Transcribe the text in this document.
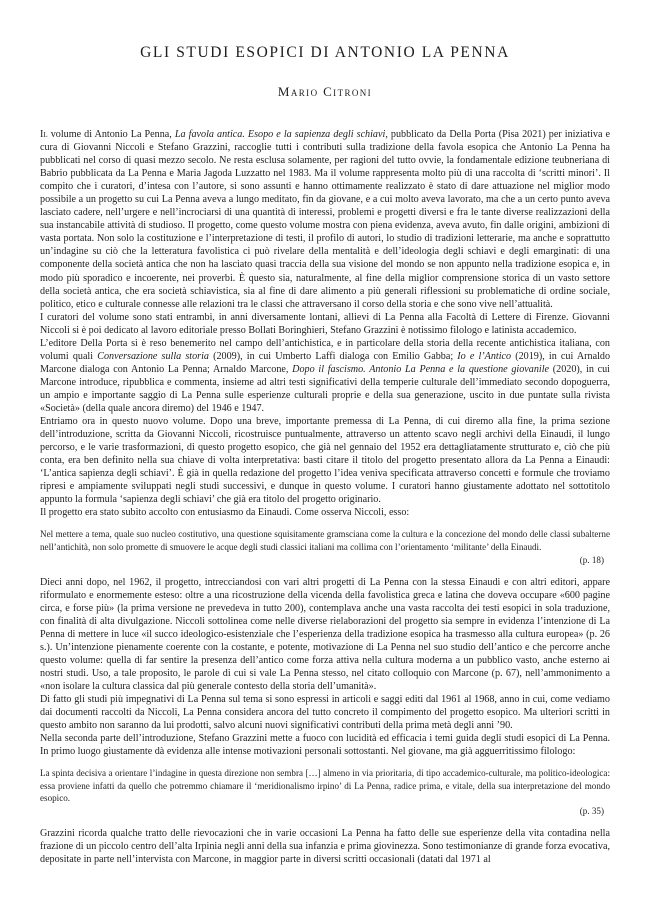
GLI STUDI ESOPICI DI ANTONIO LA PENNA
Mario Citroni

Il volume di Antonio La Penna, La favola antica. Esopo e la sapienza degli schiavi, pubblicato da Della Porta (Pisa 2021) per iniziativa e cura di Giovanni Niccoli e Stefano Grazzini, raccoglie tutti i contributi sulla tradizione della favola esopica che Antonio La Penna ha pubblicati nel corso di quasi mezzo secolo. Ne resta esclusa solamente, per ragioni del tutto ovvie, la fondamentale edizione teubneriana di Babrio pubblicata da La Penna e Maria Jagoda Luzzatto nel 1983. Ma il volume rappresenta molto più di una raccolta di ‘scritti minori’. Il compito che i curatori, d’intesa con l’autore, si sono assunti e hanno ottimamente realizzato è stato di dare attuazione nel miglior modo possibile a un progetto su cui La Penna aveva a lungo meditato, fin da giovane, e a cui molto aveva lavorato, ma che a un certo punto aveva lasciato cadere, nell’urgere e nell’incrociarsi di una quantità di interessi, problemi e progetti diversi e fra le tante diverse realizzazioni della sua instancabile attività di studioso. Il progetto, come questo volume mostra con piena evidenza, aveva avuto, fin dalle origini, ambizioni di vasta portata. Non solo la costituzione e l’interpretazione di testi, il profilo di autori, lo studio di tradizioni letterarie, ma anche e soprattutto un’indagine su ciò che la letteratura favolistica ci può rivelare della mentalità e dell’ideologia degli schiavi e degli emarginati: di una componente della società antica che non ha lasciato quasi traccia della sua visione del mondo se non appunto nella tradizione esopica e, in modo più sporadico e incoerente, nei proverbi. È questo sia, naturalmente, al fine della miglior comprensione storica di un vasto settore della società antica, che era società schiavistica, sia al fine di dare alimento a più generali riflessioni su problematiche di ordine sociale, politico, etico e culturale connesse alle relazioni tra le classi che attraversano il corso della storia e che sono vive nell’attualità.

I curatori del volume sono stati entrambi, in anni diversamente lontani, allievi di La Penna alla Facoltà di Lettere di Firenze. Giovanni Niccoli si è poi dedicato al lavoro editoriale presso Bollati Boringhieri, Stefano Grazzini è notissimo filologo e latinista accademico.

L’editore Della Porta si è reso benemerito nel campo dell’antichistica, e in particolare della storia della recente antichistica italiana, con volumi quali Conversazione sulla storia (2009), in cui Umberto Laffi dialoga con Emilio Gabba; Io e l’Antico (2019), in cui Arnaldo Marcone dialoga con Antonio La Penna; Arnaldo Marcone, Dopo il fascismo. Antonio La Penna e la questione giovanile (2020), in cui Marcone introduce, ripubblica e commenta, insieme ad altri testi significativi della temperie culturale dell’immediato secondo dopoguerra, un ampio e importante saggio di La Penna sulle esperienze culturali proprie e della sua generazione, uscito in due puntate sulla rivista «Società» (della quale ancora diremo) del 1946 e 1947.

Entriamo ora in questo nuovo volume. Dopo una breve, importante premessa di La Penna, di cui diremo alla fine, la prima sezione dell’introduzione, scritta da Giovanni Niccoli, ricostruisce puntualmente, attraverso un attento scavo negli archivi della Einaudi, il lungo percorso, e le varie trasformazioni, di questo progetto esopico, che già nel gennaio del 1952 era dettagliatamente strutturato e, ciò che più conta, era ben definito nella sua chiave di volta interpretativa: basti citare il titolo del progetto presentato allora da La Penna a Einaudi: ‘L’antica sapienza degli schiavi’. È già in quella redazione del progetto l’idea veniva specificata attraverso concetti e formule che troviamo ripresi e ampiamente sviluppati negli studi successivi, e dunque in questo volume. I curatori hanno giustamente adottato nel sottotitolo appunto la formula ‘sapienza degli schiavi’ che già era titolo del progetto originario.

Il progetto era stato subito accolto con entusiasmo da Einaudi. Come osserva Niccoli, esso:

Nel mettere a tema, quale suo nucleo costitutivo, una questione squisitamente gramsciana come la cultura e la concezione del mondo delle classi subalterne nell’antichità, non solo promette di smuovere le acque degli studi classici italiani ma collima con l’orientamento ‘militante’ della Einaudi.

(p. 18)

Dieci anni dopo, nel 1962, il progetto, intrecciandosi con vari altri progetti di La Penna con la stessa Einaudi e con altri editori, appare riformulato e enormemente esteso: oltre a una ricostruzione della vicenda della favolistica greca e latina che doveva occupare «600 pagine circa, e forse più» (la prima versione ne prevedeva in tutto 200), contemplava anche una vasta raccolta dei testi esopici in sola traduzione, con finalità di alta divulgazione. Niccoli sottolinea come nelle diverse rielaborazioni del progetto sia sempre in evidenza l’intenzione di La Penna di mettere in luce «il succo ideologico-esistenziale che l’esperienza della tradizione esopica ha trasmesso alla cultura europea» (p. 26 s.). Un’intenzione pienamente coerente con la costante, e potente, motivazione di La Penna nel suo studio dell’antico e che percorre anche questo volume: quella di far sentire la presenza dell’antico come forza attiva nella cultura moderna a un pubblico vasto, anche esterno ai nostri studi. Uso, a tale proposito, le parole di cui si vale La Penna stesso, nel citato colloquio con Marcone (p. 67), nell’ammonimento a «non isolare la cultura classica dal più generale contesto della storia dell’umanità».

Di fatto gli studi più impegnativi di La Penna sul tema si sono espressi in articoli e saggi editi dal 1961 al 1968, anno in cui, come vediamo dai documenti raccolti da Niccoli, La Penna considera ancora del tutto concreto il compimento del progetto esopico. Ma ulteriori scritti in questo ambito non saranno da lui prodotti, salvo alcuni nuovi significativi contributi della prima metà degli anni ’90.

Nella seconda parte dell’introduzione, Stefano Grazzini mette a fuoco con lucidità ed efficacia i temi guida degli studi esopici di La Penna. In primo luogo giustamente dà evidenza alle intense motivazioni personali sottostanti. Nel giovane, ma già agguerritissimo filologo:

La spinta decisiva a orientare l’indagine in questa direzione non sembra […] almeno in via prioritaria, di tipo accademico-culturale, ma politico-ideologica: essa proviene infatti da quello che potremmo chiamare il ‘meridionalismo irpino’ di La Penna, radice prima, e vitale, della sua interpretazione del mondo esopico.

(p. 35)

Grazzini ricorda qualche tratto delle rievocazioni che in varie occasioni La Penna ha fatto delle sue esperienze della vita contadina nella frazione di un piccolo centro dell’alta Irpinia negli anni della sua infanzia e prima giovinezza. Sono testimonianze di grande forza evocativa, depositate in parte nell’intervista con Marcone, in maggior parte in diversi scritti occasionali (datati dal 1971 al
